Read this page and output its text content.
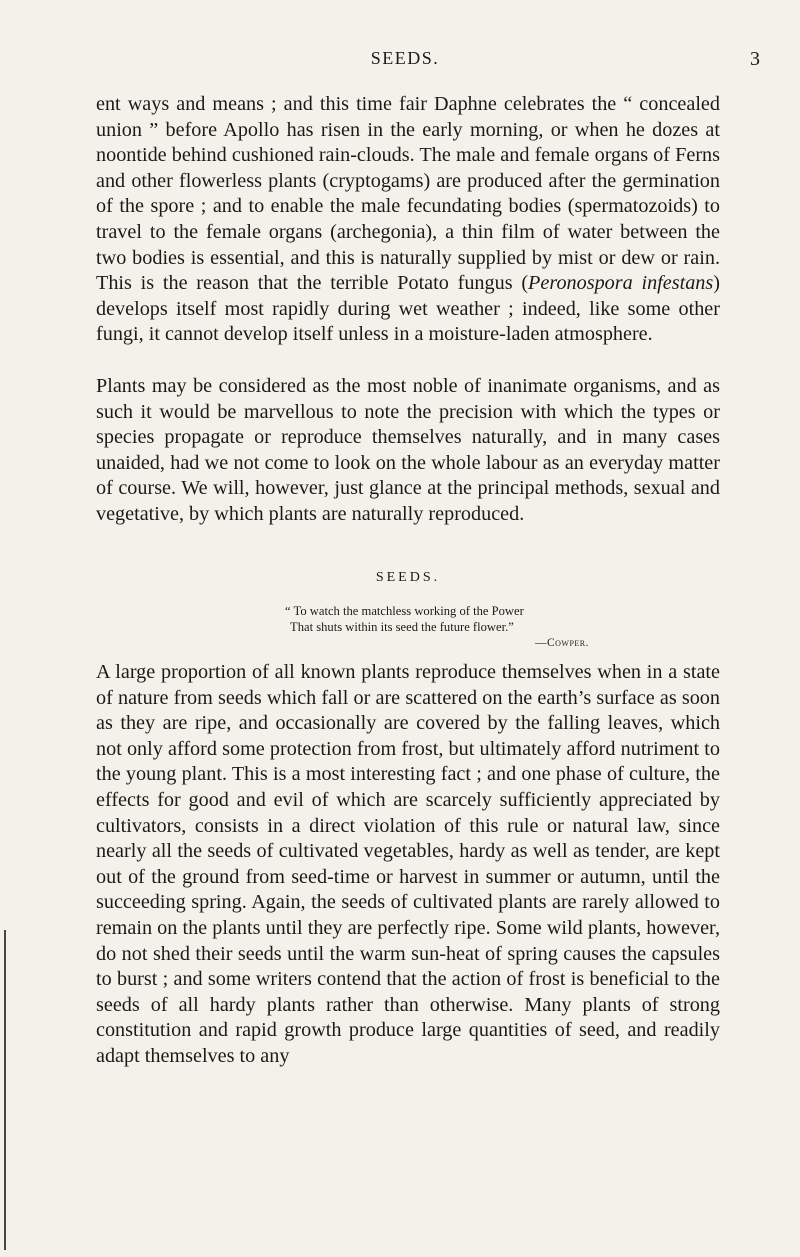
SEEDS.	3

ent ways and means ; and this time fair Daphne celebrates the “ concealed union ” before Apollo has risen in the early morning, or when he dozes at noontide behind cushioned rain-clouds. The male and female organs of Ferns and other flowerless plants (cryptogams) are produced after the germination of the spore ; and to enable the male fecundating bodies (spermatozoids) to travel to the female organs (archegonia), a thin film of water between the two bodies is essential, and this is naturally supplied by mist or dew or rain. This is the reason that the terrible Potato fungus (Peronospora infestans) develops itself most rapidly during wet weather ; indeed, like some other fungi, it cannot develop itself unless in a moisture-laden atmosphere.

Plants may be considered as the most noble of inanimate organisms, and as such it would be marvellous to note the precision with which the types or species propagate or reproduce themselves naturally, and in many cases unaided, had we not come to look on the whole labour as an everyday matter of course. We will, however, just glance at the principal methods, sexual and vegetative, by which plants are naturally reproduced.

SEEDS.
“ To watch the matchless working of the Power
That shuts within its seed the future flower.”
—Cowper.

A large proportion of all known plants reproduce themselves when in a state of nature from seeds which fall or are scattered on the earth’s surface as soon as they are ripe, and occasionally are covered by the falling leaves, which not only afford some protection from frost, but ultimately afford nutriment to the young plant. This is a most interesting fact ; and one phase of culture, the effects for good and evil of which are scarcely sufficiently appreciated by cultivators, consists in a direct violation of this rule or natural law, since nearly all the seeds of cultivated vegetables, hardy as well as tender, are kept out of the ground from seed-time or harvest in summer or autumn, until the succeeding spring. Again, the seeds of cultivated plants are rarely allowed to remain on the plants until they are perfectly ripe. Some wild plants, however, do not shed their seeds until the warm sun-heat of spring causes the capsules to burst ; and some writers contend that the action of frost is beneficial to the seeds of all hardy plants rather than otherwise. Many plants of strong constitution and rapid growth produce large quantities of seed, and readily adapt themselves to any
